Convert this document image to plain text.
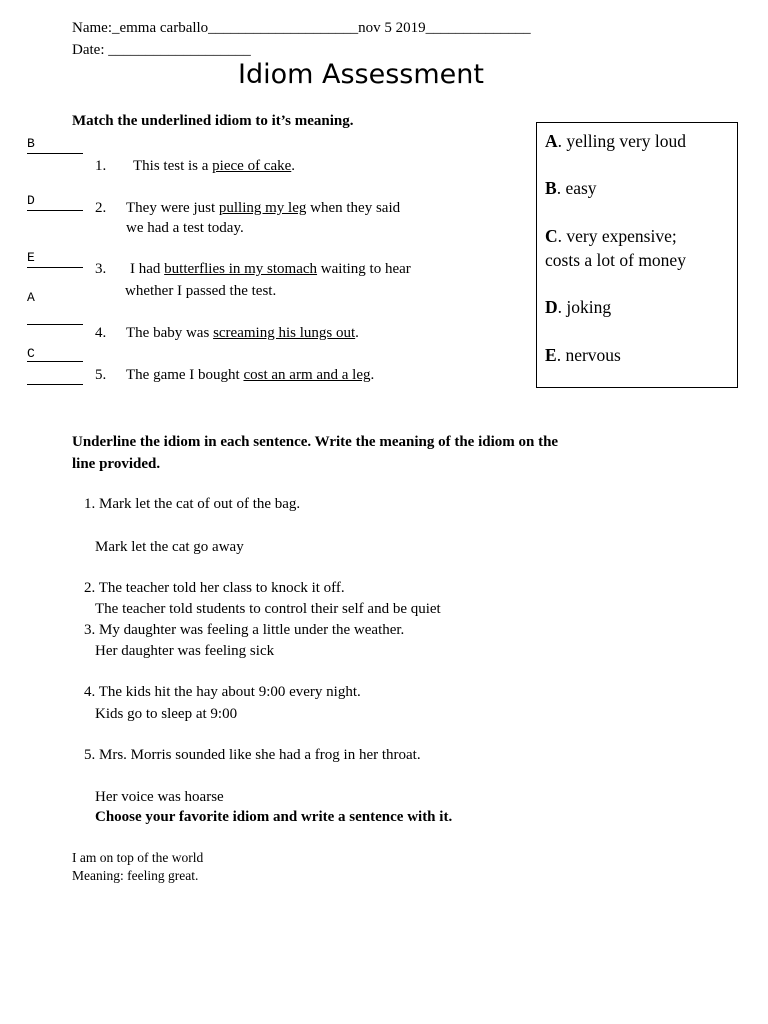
Name:_emma carballo____________________nov 5 2019______________
Date: ___________________
Idiom Assessment
Match the underlined idiom to it’s meaning.
B
D
E
A
C
1. This test is a piece of cake.
2. They were just pulling my leg when they said
we had a test today.
3. I had butterflies in my stomach waiting to hear
whether I passed the test.
4. The baby was screaming his lungs out.
5. The game I bought cost an arm and a leg.
A. yelling very loud
B. easy
C. very expensive;
costs a lot of money
D. joking
E. nervous
Underline the idiom in each sentence. Write the meaning of the idiom on the
line provided.
1. Mark let the cat of out of the bag.
Mark let the cat go away
2. The teacher told her class to knock it off.
The teacher told students to control their self and be quiet
3. My daughter was feeling a little under the weather.
Her daughter was feeling sick
4. The kids hit the hay about 9:00 every night.
Kids go to sleep at 9:00
5. Mrs. Morris sounded like she had a frog in her throat.
Her voice was hoarse
Choose your favorite idiom and write a sentence with it.
I am on top of the world
Meaning: feeling great.
